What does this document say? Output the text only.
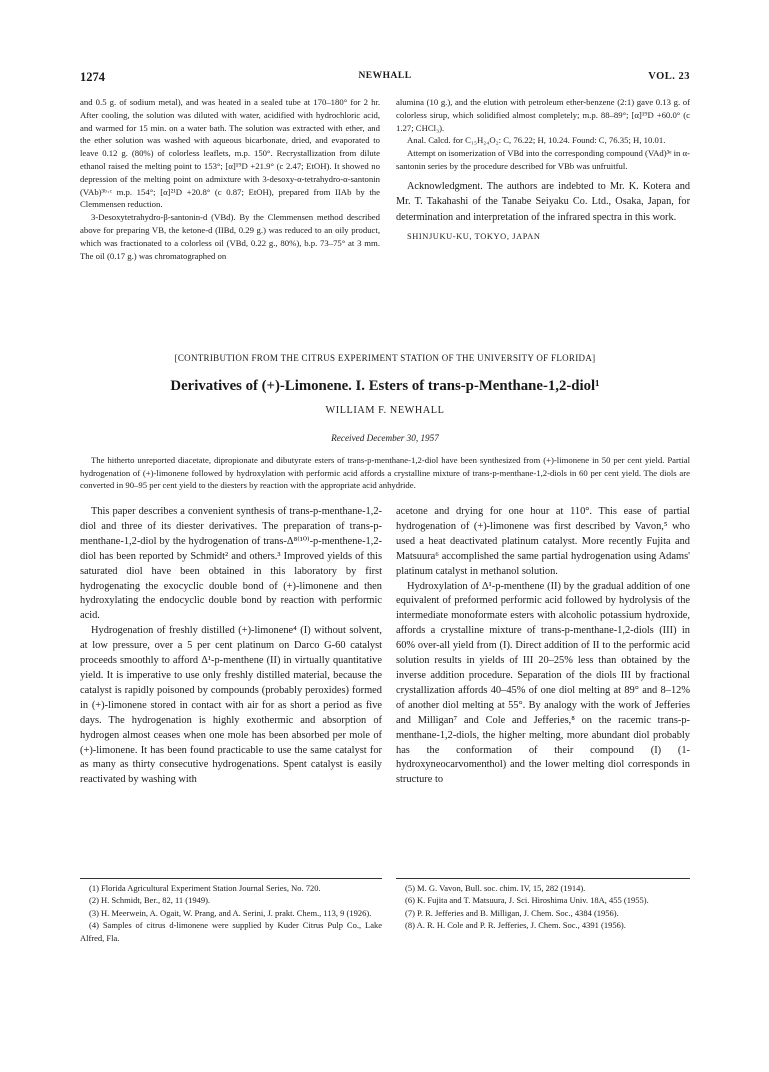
1274	NEWHALL	VOL. 23

and 0.5 g. of sodium metal), and was heated in a sealed tube at 170–180° for 2 hr. After cooling, the solution was diluted with water, acidified with hydrochloric acid, and warmed for 15 min. on a water bath. The solution was extracted with ether, and the ether solution was washed with aqueous bicarbonate, dried, and evaporated to leave 0.12 g. (80%) of colorless leaflets, m.p. 150°. Recrystallization from dilute ethanol raised the melting point to 153°; [α]¹⁹D +21.9° (c 2.47; EtOH). It showed no depression of the melting point on admixture with 3-desoxy-α-tetrahydro-α-santonin (VAb)³ᵇ·ᶜ m.p. 154°; [α]²¹D +20.8° (c 0.87; EtOH), prepared from IIAb by the Clemmensen reduction.

3-Desoxytetrahydro-β-santonin-d (VBd). By the Clemmensen method described above for preparing VB, the ketone-d (IIBd, 0.29 g.) was reduced to an oily product, which was fractionated to a colorless oil (VBd, 0.22 g., 80%), b.p. 73–75° at 3 mm. The oil (0.17 g.) was chromatographed on

alumina (10 g.), and the elution with petroleum ether-benzene (2:1) gave 0.13 g. of colorless sirup, which solidified almost completely; m.p. 88–89°; [α]¹⁹D +60.0° (c 1.27; CHCl₃).

Anal. Calcd. for C₁₅H₂₄O₂: C, 76.22; H, 10.24. Found: C, 76.35; H, 10.01.

Attempt on isomerization of VBd into the corresponding compound (VAd)³ᵉ in α-santonin series by the procedure described for VBb was unfruitful.

Acknowledgment. The authors are indebted to Mr. K. Kotera and Mr. T. Takahashi of the Tanabe Seiyaku Co. Ltd., Osaka, Japan, for determination and interpretation of the infrared spectra in this work.

SHINJUKU-KU, TOKYO, JAPAN

[CONTRIBUTION FROM THE CITRUS EXPERIMENT STATION OF THE UNIVERSITY OF FLORIDA]
Derivatives of (+)-Limonene. I. Esters of trans-p-Menthane-1,2-diol¹
WILLIAM F. NEWHALL
Received December 30, 1957

The hitherto unreported diacetate, dipropionate and dibutyrate esters of trans-p-menthane-1,2-diol have been synthesized from (+)-limonene in 50 per cent yield. Partial hydrogenation of (+)-limonene followed by hydroxylation with performic acid affords a crystalline mixture of trans-p-menthane-1,2-diols in 60 per cent yield. The diols are converted in 90–95 per cent yield to the diesters by reaction with the appropriate acid anhydride.

This paper describes a convenient synthesis of trans-p-menthane-1,2-diol and three of its diester derivatives. The preparation of trans-p-menthane-1,2-diol by the hydrogenation of trans-Δ⁸⁽¹⁰⁾-p-menthene-1,2-diol has been reported by Schmidt² and others.³ Improved yields of this saturated diol have been obtained in this laboratory by first hydrogenating the exocyclic double bond of (+)-limonene and then hydroxylating the endocyclic double bond by reaction with performic acid.

Hydrogenation of freshly distilled (+)-limonene⁴ (I) without solvent, at low pressure, over a 5 per cent platinum on Darco G-60 catalyst proceeds smoothly to afford Δ¹-p-menthene (II) in virtually quantitative yield. It is imperative to use only freshly distilled material, because the catalyst is rapidly poisoned by compounds (probably peroxides) formed in (+)-limonene stored in contact with air for as short a period as five days. The hydrogenation is highly exothermic and absorption of hydrogen almost ceases when one mole has been absorbed per mole of (+)-limonene. It has been found practicable to use the same catalyst for as many as thirty consecutive hydrogenations. Spent catalyst is easily reactivated by washing with

acetone and drying for one hour at 110°. This ease of partial hydrogenation of (+)-limonene was first described by Vavon,⁵ who used a heat deactivated platinum catalyst. More recently Fujita and Matsuura⁶ accomplished the same partial hydrogenation using Adams' platinum catalyst in methanol solution.

Hydroxylation of Δ¹-p-menthene (II) by the gradual addition of one equivalent of preformed performic acid followed by hydrolysis of the intermediate monoformate esters with alcoholic potassium hydroxide, affords a crystalline mixture of trans-p-menthane-1,2-diols (III) in 60% over-all yield from (I). Direct addition of II to the performic acid solution results in yields of III 20–25% less than obtained by the inverse addition procedure. Separation of the diols III by fractional crystallization affords 40–45% of one diol melting at 89° and 8–12% of another diol melting at 55°. By analogy with the work of Jefferies and Milligan⁷ and Cole and Jefferies,⁸ on the racemic trans-p-menthane-1,2-diols, the higher melting, more abundant diol probably has the conformation of their compound (I) (1-hydroxyneocarvomenthol) and the lower melting diol corresponds in structure to

(1) Florida Agricultural Experiment Station Journal Series, No. 720.

(2) H. Schmidt, Ber., 82, 11 (1949).

(3) H. Meerwein, A. Ogait, W. Prang, and A. Serini, J. prakt. Chem., 113, 9 (1926).

(4) Samples of citrus d-limonene were supplied by Kuder Citrus Pulp Co., Lake Alfred, Fla.

(5) M. G. Vavon, Bull. soc. chim. IV, 15, 282 (1914).

(6) K. Fujita and T. Matsuura, J. Sci. Hiroshima Univ. 18A, 455 (1955).

(7) P. R. Jefferies and B. Milligan, J. Chem. Soc., 4384 (1956).

(8) A. R. H. Cole and P. R. Jefferies, J. Chem. Soc., 4391 (1956).
